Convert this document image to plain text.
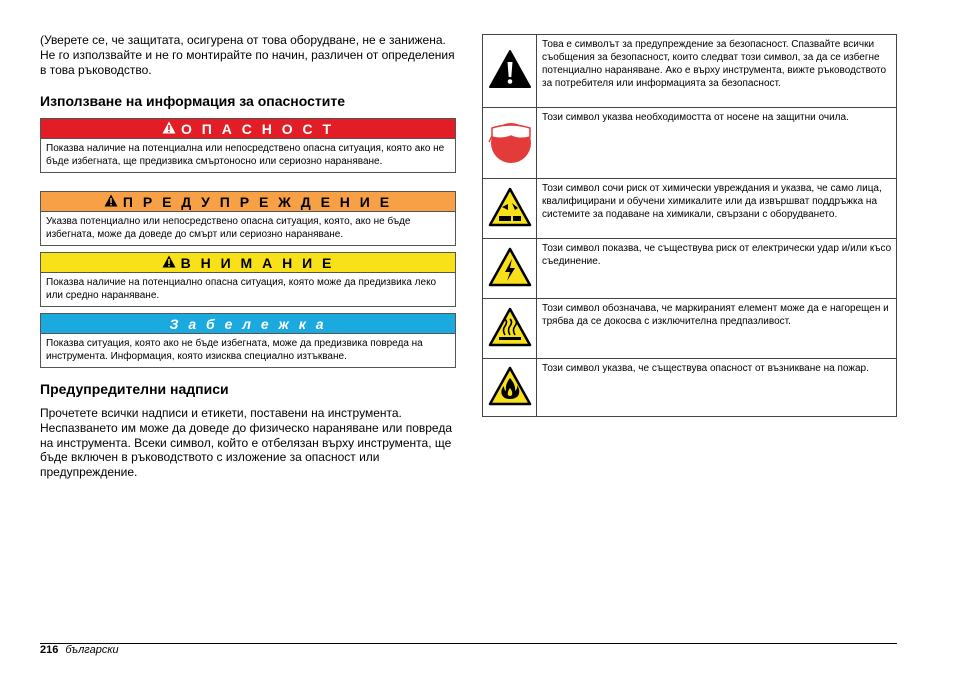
(Уверете се, че защитата, осигурена от това оборудване, не е занижена. Не го използвайте и не го монтирайте по начин, различен от определения в това ръководство.

Използване на информация за опасностите
О П А С Н О С Т
Показва наличие на потенциална или непосредствено опасна ситуация, която ако не бъде избегната, ще предизвика смъртоносно или сериозно нараняване.
П Р Е Д У П Р Е Ж Д Е Н И Е
Указва потенциално или непосредствено опасна ситуация, която, ако не бъде избегната, може да доведе до смърт или сериозно нараняване.
В Н И М А Н И Е
Показва наличие на потенциално опасна ситуация, която може да предизвика леко или средно нараняване.
З а б е л е ж к а
Показва ситуация, която ако не бъде избегната, може да предизвика повреда на инструмента. Информация, която изисква специално изтъкване.
Предупредителни надписи

Прочетете всички надписи и етикети, поставени на инструмента. Неспазването им може да доведе до физическо нараняване или повреда на инструмента. Всеки символ, който е отбелязан върху инструмента, ще бъде включен в ръководството с изложение за опасност или предупреждение.

	Това е символът за предупреждение за безопасност. Спазвайте всички съобщения за безопасност, които следват този символ, за да се избегне потенциално нараняване. Ако е върху инструмента, вижте ръководството за потребителя или информацията за безопасност.
	Този символ указва необходимостта от носене на защитни очила.
	Този символ сочи риск от химически увреждания и указва, че само лица, квалифицирани и обучени химикалите или да извършват поддръжка на системите за подаване на химикали, свързани с оборудването.
	Този символ показва, че съществува риск от електрически удар и/или късо съединение.
	Този символ обозначава, че маркираният елемент може да е нагорещен и трябва да се докосва с изключителна предпазливост.
	Този символ указва, че съществува опасност от възникване на пожар.
216 български
